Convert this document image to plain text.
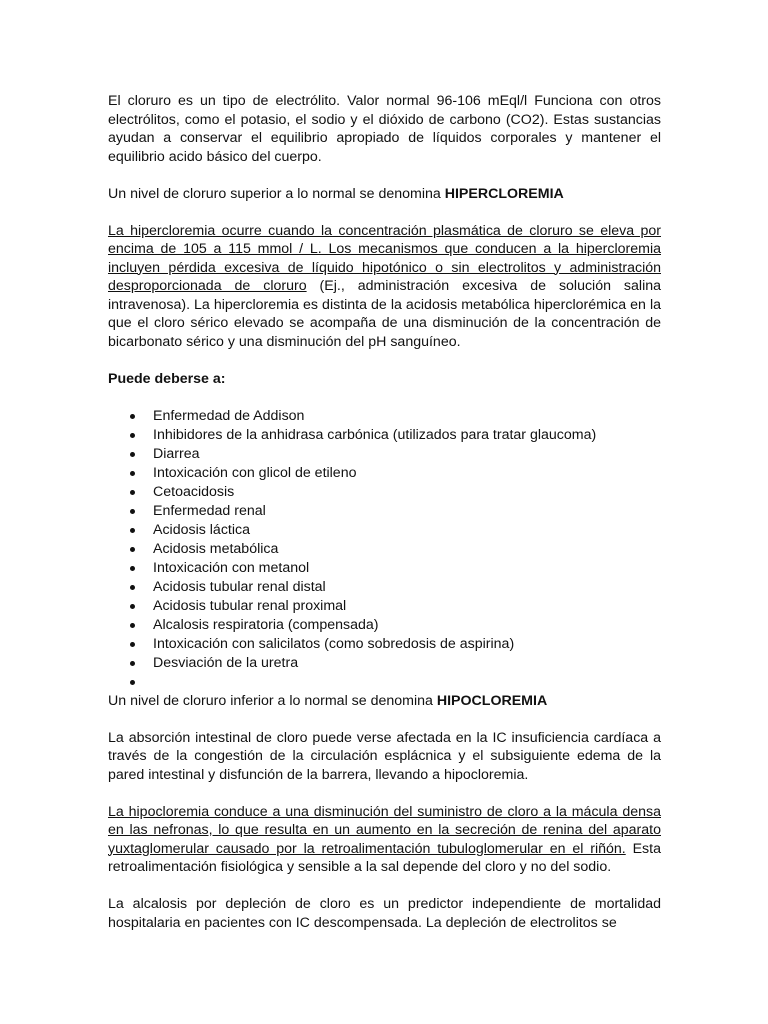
El cloruro es un tipo de electrólito. Valor normal 96-106 mEql/l Funciona con otros electrólitos, como el potasio, el sodio y el dióxido de carbono (CO2). Estas sustancias ayudan a conservar el equilibrio apropiado de líquidos corporales y mantener el equilibrio acido básico del cuerpo.

Un nivel de cloruro superior a lo normal se denomina HIPERCLOREMIA

La hipercloremia ocurre cuando la concentración plasmática de cloruro se eleva por encima de 105 a 115 mmol / L. Los mecanismos que conducen a la hipercloremia incluyen pérdida excesiva de líquido hipotónico o sin electrolitos y administración desproporcionada de cloruro (Ej., administración excesiva de solución salina intravenosa). La hipercloremia es distinta de la acidosis metabólica hiperclorémica en la que el cloro sérico elevado se acompaña de una disminución de la concentración de bicarbonato sérico y una disminución del pH sanguíneo.

Puede deberse a:

Enfermedad de Addison
Inhibidores de la anhidrasa carbónica (utilizados para tratar glaucoma)
Diarrea
Intoxicación con glicol de etileno
Cetoacidosis
Enfermedad renal
Acidosis láctica
Acidosis metabólica
Intoxicación con metanol
Acidosis tubular renal distal
Acidosis tubular renal proximal
Alcalosis respiratoria (compensada)
Intoxicación con salicilatos (como sobredosis de aspirina)
Desviación de la uretra

Un nivel de cloruro inferior a lo normal se denomina HIPOCLOREMIA

La absorción intestinal de cloro puede verse afectada en la IC insuficiencia cardíaca a través de la congestión de la circulación esplácnica y el subsiguiente edema de la pared intestinal y disfunción de la barrera, llevando a hipocloremia.

La hipocloremia conduce a una disminución del suministro de cloro a la mácula densa en las nefronas, lo que resulta en un aumento en la secreción de renina del aparato yuxtaglomerular causado por la retroalimentación tubuloglomerular en el riñón. Esta retroalimentación fisiológica y sensible a la sal depende del cloro y no del sodio.

La alcalosis por depleción de cloro es un predictor independiente de mortalidad hospitalaria en pacientes con IC descompensada. La depleción de electrolitos se
